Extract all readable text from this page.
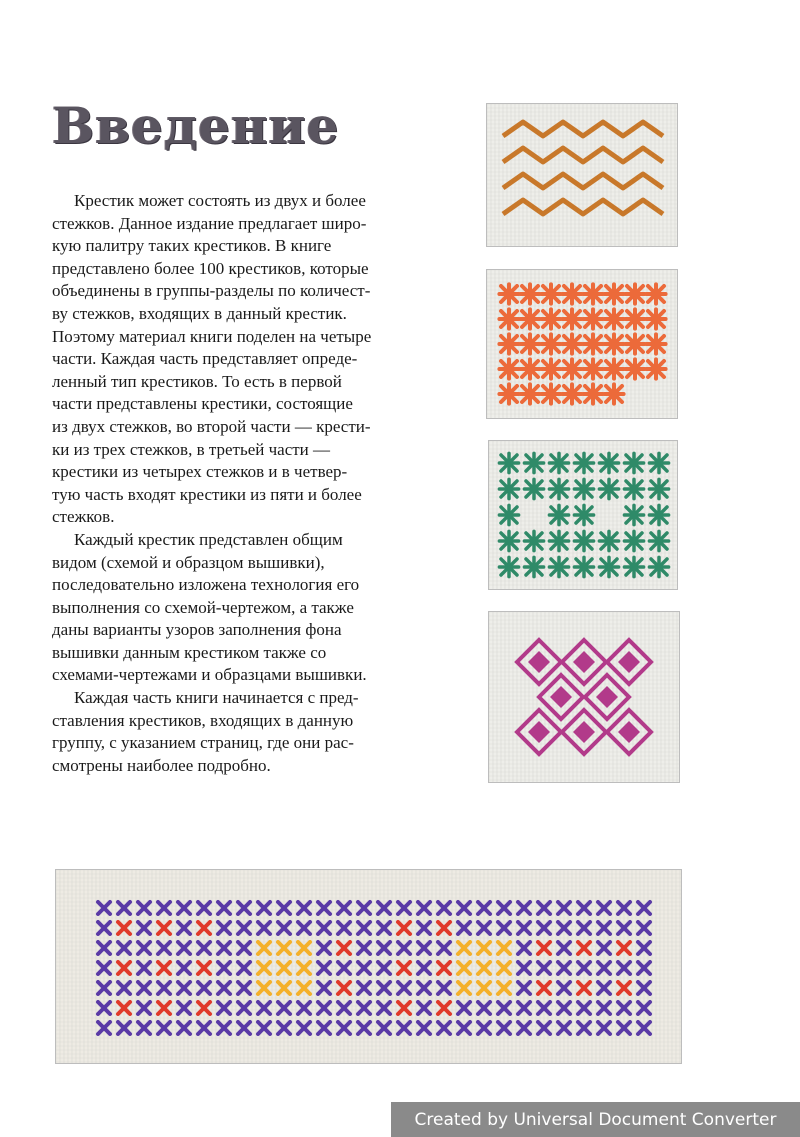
Введение

Крестик может состоять из двух и более
стежков. Данное издание предлагает широ-
кую палитру таких крестиков. В книге
представлено более 100 крестиков, которые
объединены в группы-разделы по количест-
ву стежков, входящих в данный крестик.
Поэтому материал книги поделен на четыре
части. Каждая часть представляет опреде-
ленный тип крестиков. То есть в первой
части представлены крестики, состоящие
из двух стежков, во второй части — крести-
ки из трех стежков, в третьей части —
крестики из четырех стежков и в четвер-
тую часть входят крестики из пяти и более
стежков.

Каждый крестик представлен общим
видом (схемой и образцом вышивки),
последовательно изложена технология его
выполнения со схемой-чертежом, а также
даны варианты узоров заполнения фона
вышивки данным крестиком также со
схемами-чертежами и образцами вышивки.

Каждая часть книги начинается с пред-
ставления крестиков, входящих в данную
группу, с указанием страниц, где они рас-
смотрены наиболее подробно.

Created by Universal Document Converter
